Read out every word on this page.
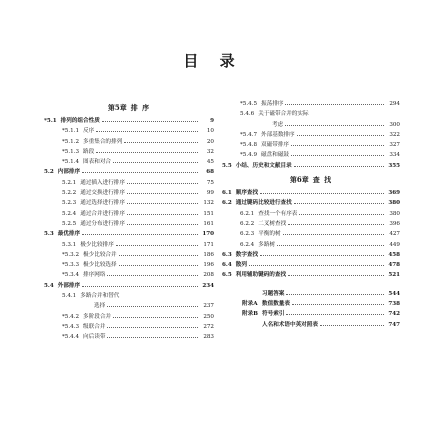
目 录
第5章 排 序
*5.1 排列的组合性质	9
*5.1.1 反序	10
*5.1.2 多重集合的排列	20
*5.1.3 路段	32
*5.1.4 图表和对合	45
5.2 内部排序	68
5.2.1 通过插入进行排序	75
5.2.2 通过交换进行排序	99
5.2.3 通过选择进行排序	132
5.2.4 通过合并进行排序	151
5.2.5 通过分布进行排序	161
5.3 最优排序	170
5.3.1 极少比较排序	171
*5.3.2 极少比较合并	186
*5.3.3 极少比较选择	196
*5.3.4 排序网络	208
5.4 外部排序	234
5.4.1 多路合并和替代
选择	237
*5.4.2 多阶段合并	250
*5.4.3 级联合并	272
*5.4.4 向后读带	283
*5.4.5 振荡排序	294
5.4.6 关于磁带合并的实际
考虑	300
*5.4.7 外部基数排序	322
*5.4.8 双磁带排序	327
*5.4.9 磁盘和磁鼓	334
5.5 小结、历史和文献目录	355
第6章 查 找
6.1 顺序查找	369
6.2 通过键码比较进行查找	380
6.2.1 查找一个有序表	380
6.2.2 二叉树查找	396
6.2.3 平衡的树	427
6.2.4 多路树	449
6.3 数字查找	458
6.4 散列	478
6.5 利用辅助键码的查找	521
习题答案	544
附录A 数值数量表	738
附录B 符号索引	742
人名和术语中英对照表	747
